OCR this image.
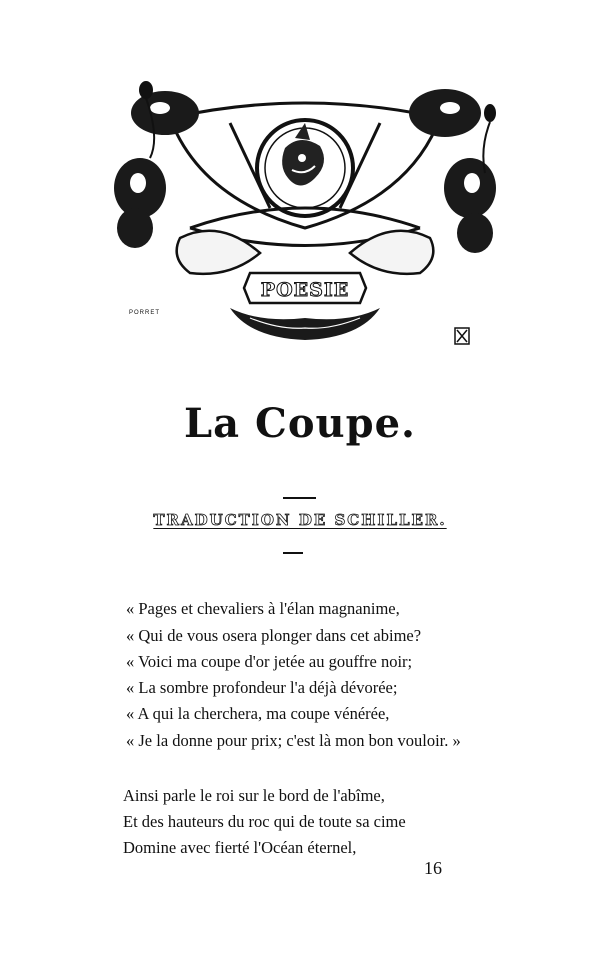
POESIE
PORRET
La Coupe.
TRADUCTION DE SCHILLER.
« Pages et chevaliers à l'élan magnanime,
« Qui de vous osera plonger dans cet abime?
« Voici ma coupe d'or jetée au gouffre noir;
« La sombre profondeur l'a déjà dévorée;
« A qui la cherchera, ma coupe vénérée,
« Je la donne pour prix; c'est là mon bon vouloir. »
Ainsi parle le roi sur le bord de l'abîme,
Et des hauteurs du roc qui de toute sa cime
Domine avec fierté l'Océan éternel,
16
